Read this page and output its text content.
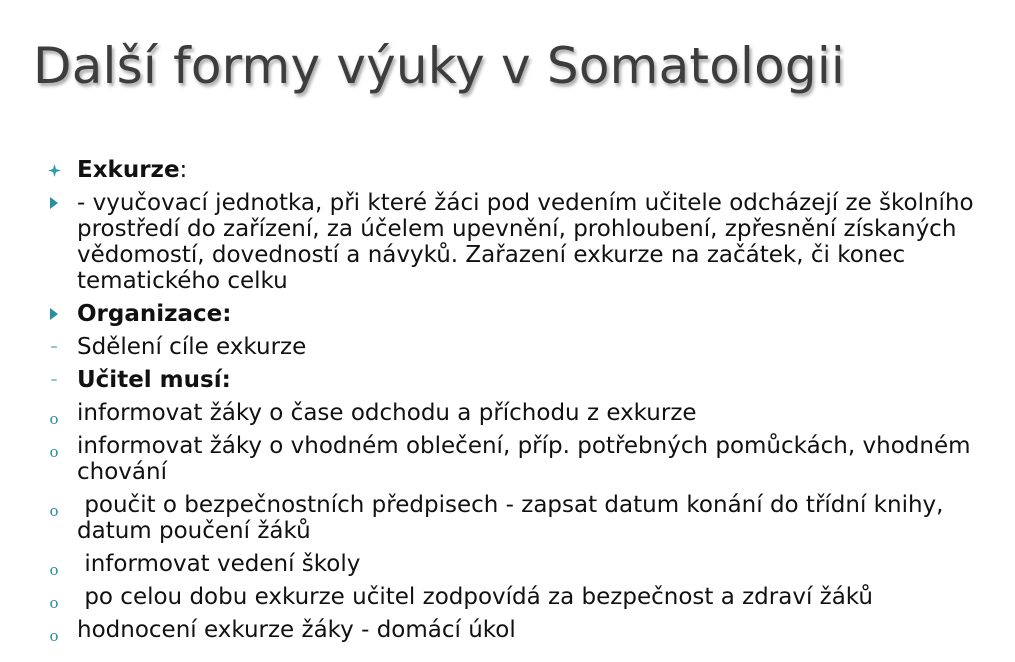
Další formy výuky v Somatologii
Exkurze:
- vyučovací jednotka, při které žáci pod vedením učitele odcházejí ze školního prostředí do zařízení, za účelem upevnění, prohloubení, zpřesnění získaných vědomostí, dovedností a návyků. Zařazení exkurze na začátek, či konec tematického celku
Organizace:
– Sdělení cíle exkurze
– Učitel musí:
o informovat žáky o čase odchodu a příchodu z exkurze
o informovat žáky o vhodném oblečení, příp. potřebných pomůckách, vhodném chování
o poučit o bezpečnostních předpisech - zapsat datum konání do třídní knihy,  datum poučení žáků
o informovat vedení školy
o po celou dobu exkurze učitel zodpovídá za bezpečnost a zdraví žáků
o hodnocení exkurze žáky - domácí úkol
